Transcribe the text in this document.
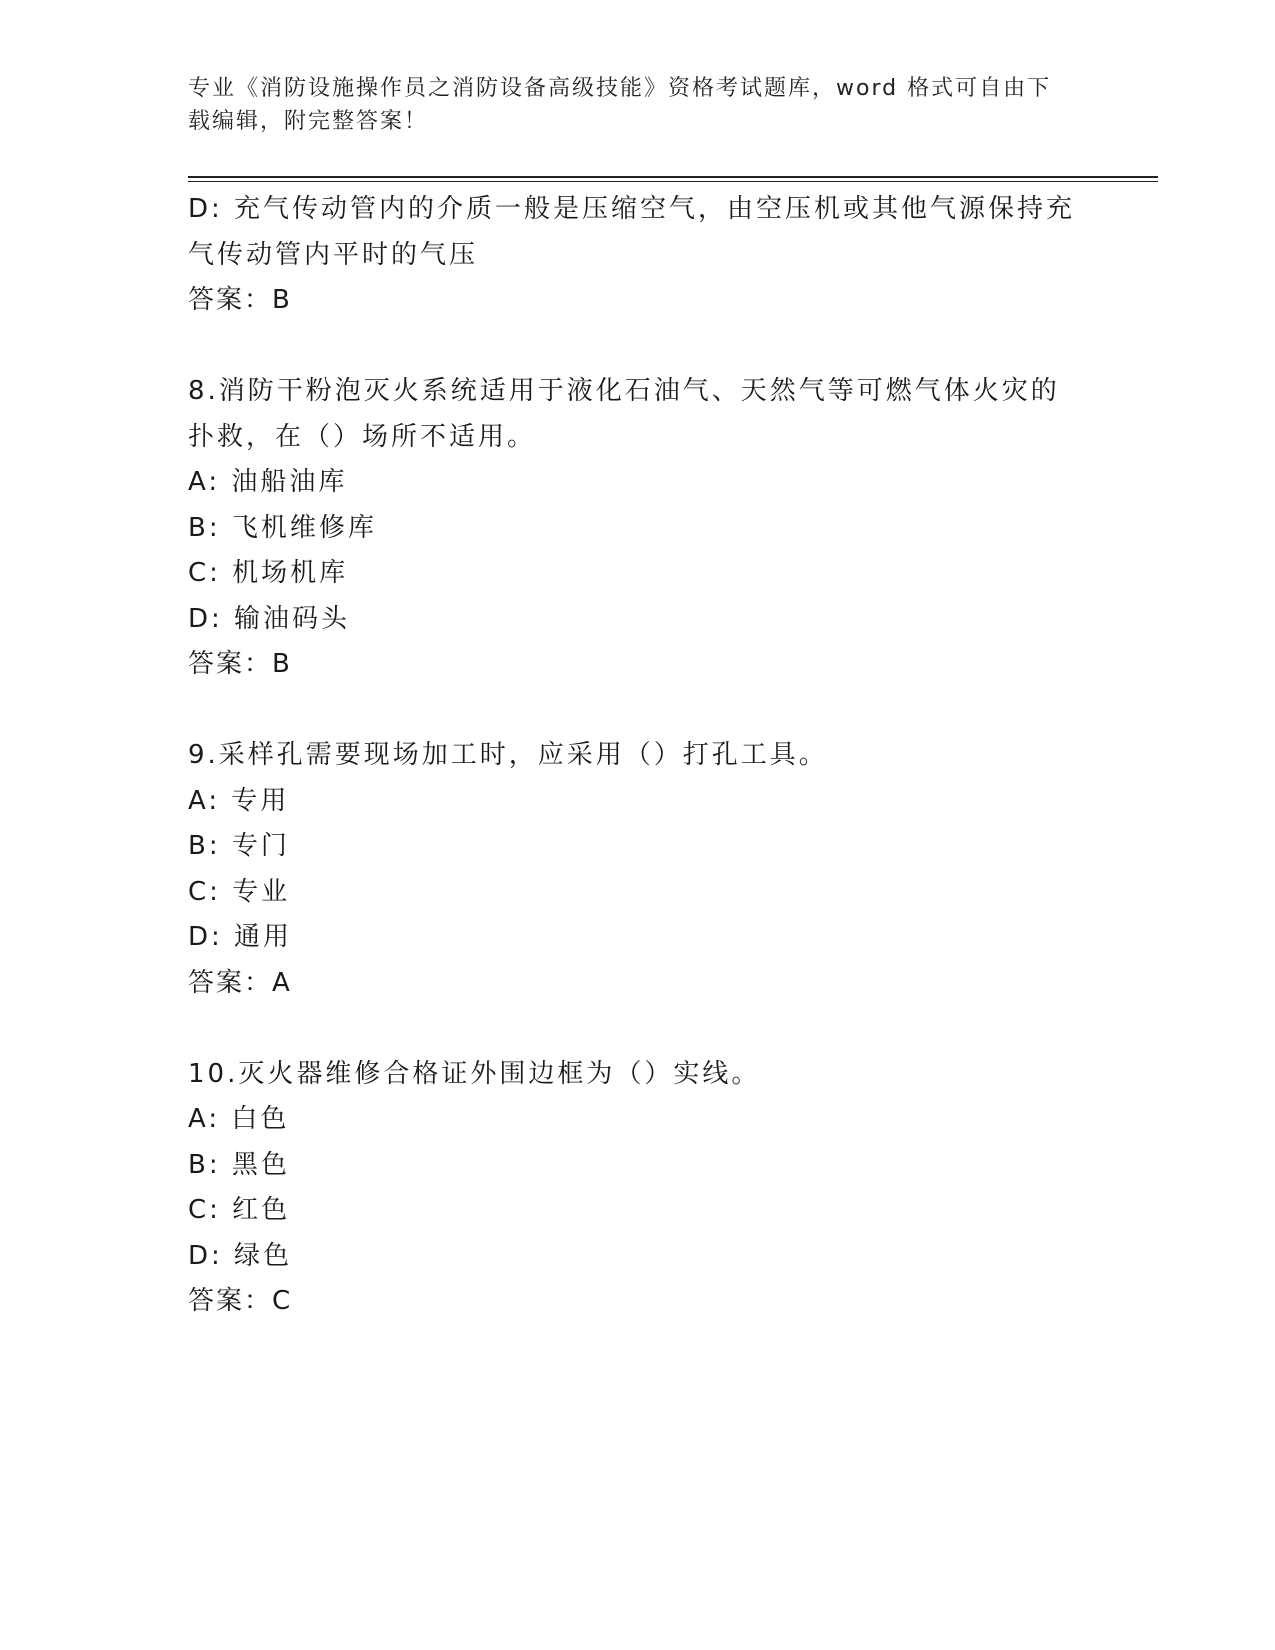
专业《消防设施操作员之消防设备高级技能》资格考试题库，word 格式可自由下
载编辑，附完整答案！
D: 充气传动管内的介质一般是压缩空气，由空压机或其他气源保持充
气传动管内平时的气压
答案：B
8.消防干粉泡灭火系统适用于液化石油气、天然气等可燃气体火灾的
扑救，在（）场所不适用。
A: 油船油库
B: 飞机维修库
C: 机场机库
D: 输油码头
答案：B
9.采样孔需要现场加工时，应采用（）打孔工具。
A: 专用
B: 专门
C: 专业
D: 通用
答案：A
10.灭火器维修合格证外围边框为（）实线。
A: 白色
B: 黑色
C: 红色
D: 绿色
答案：C
